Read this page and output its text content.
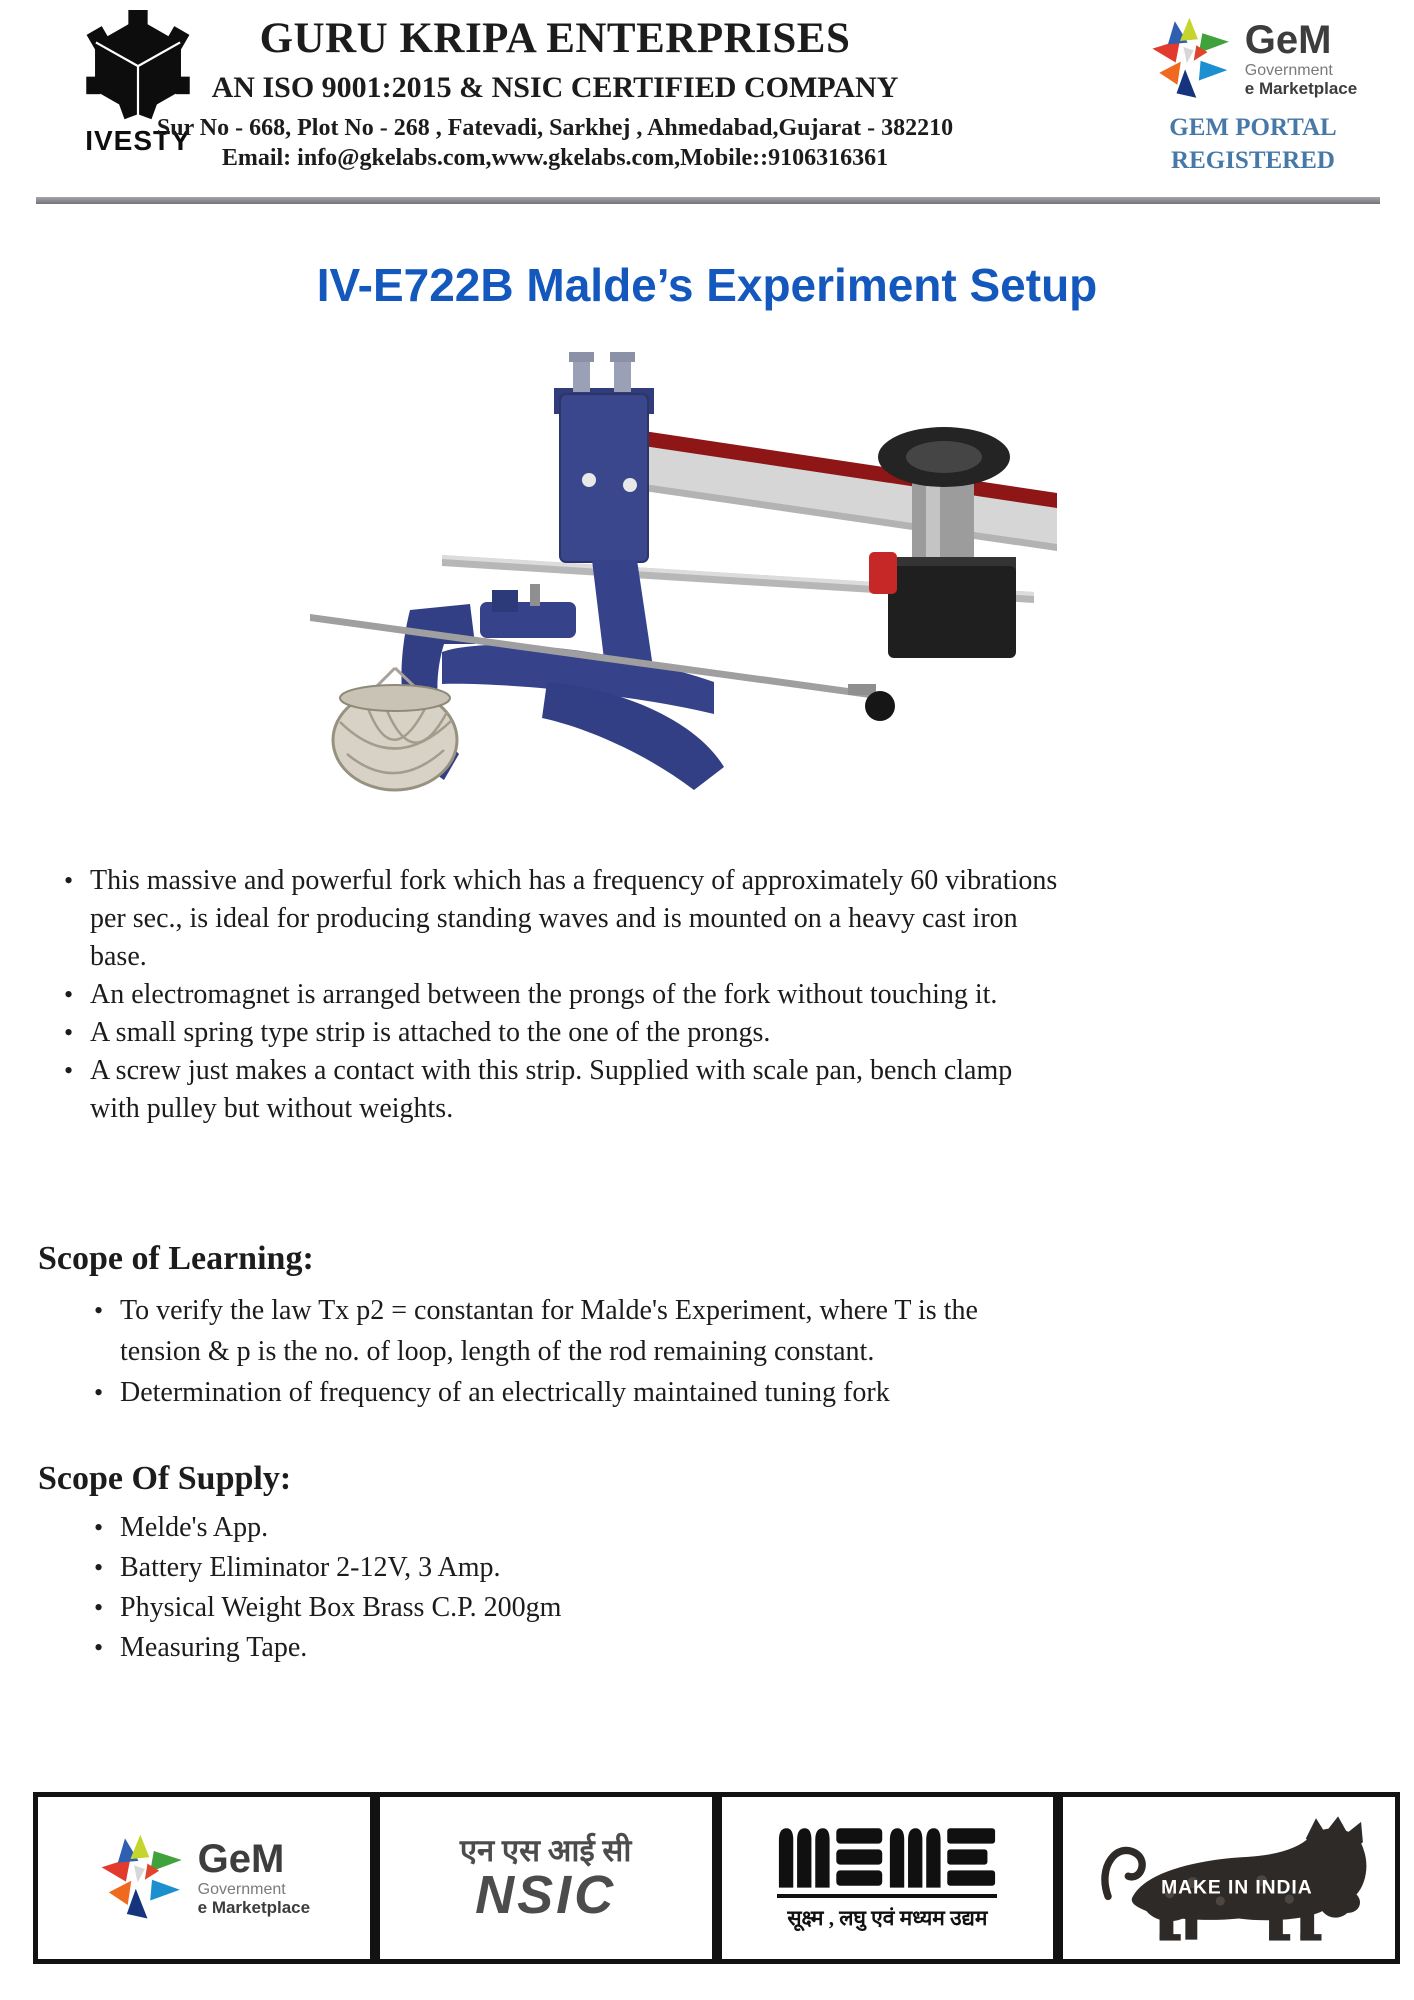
IVESTY
GURU KRIPA ENTERPRISES
AN ISO 9001:2015 & NSIC CERTIFIED COMPANY
Sur No - 668, Plot No - 268 , Fatevadi, Sarkhej , Ahmedabad,Gujarat - 382210
Email: info@gkelabs.com,www.gkelabs.com,Mobile::9106316361
GeM
Government
e Marketplace
GEM PORTAL
REGISTERED
IV-E722B Malde’s Experiment Setup
• This massive and powerful fork which has a frequency of approximately 60 vibrations per sec., is ideal for producing standing waves and is mounted on a heavy cast iron base.
• An electromagnet is arranged between the prongs of the fork without touching it.
• A small spring type strip is attached to the one of the prongs.
• A screw just makes a contact with this strip. Supplied with scale pan, bench clamp with pulley but without weights.
Scope of Learning:
• To verify the law Tx p2 = constantan for Malde's Experiment, where T is the tension & p is the no. of loop, length of the rod remaining constant.
• Determination of frequency of an electrically maintained tuning fork
Scope Of Supply:
• Melde's App.
• Battery Eliminator 2-12V, 3 Amp.
• Physical Weight Box Brass C.P. 200gm
• Measuring Tape.
GeM
Government
e Marketplace
एन एस आई सी
NSIC	सूक्ष्म , लघु एवं मध्यम उद्यम
MAKE IN INDIA
